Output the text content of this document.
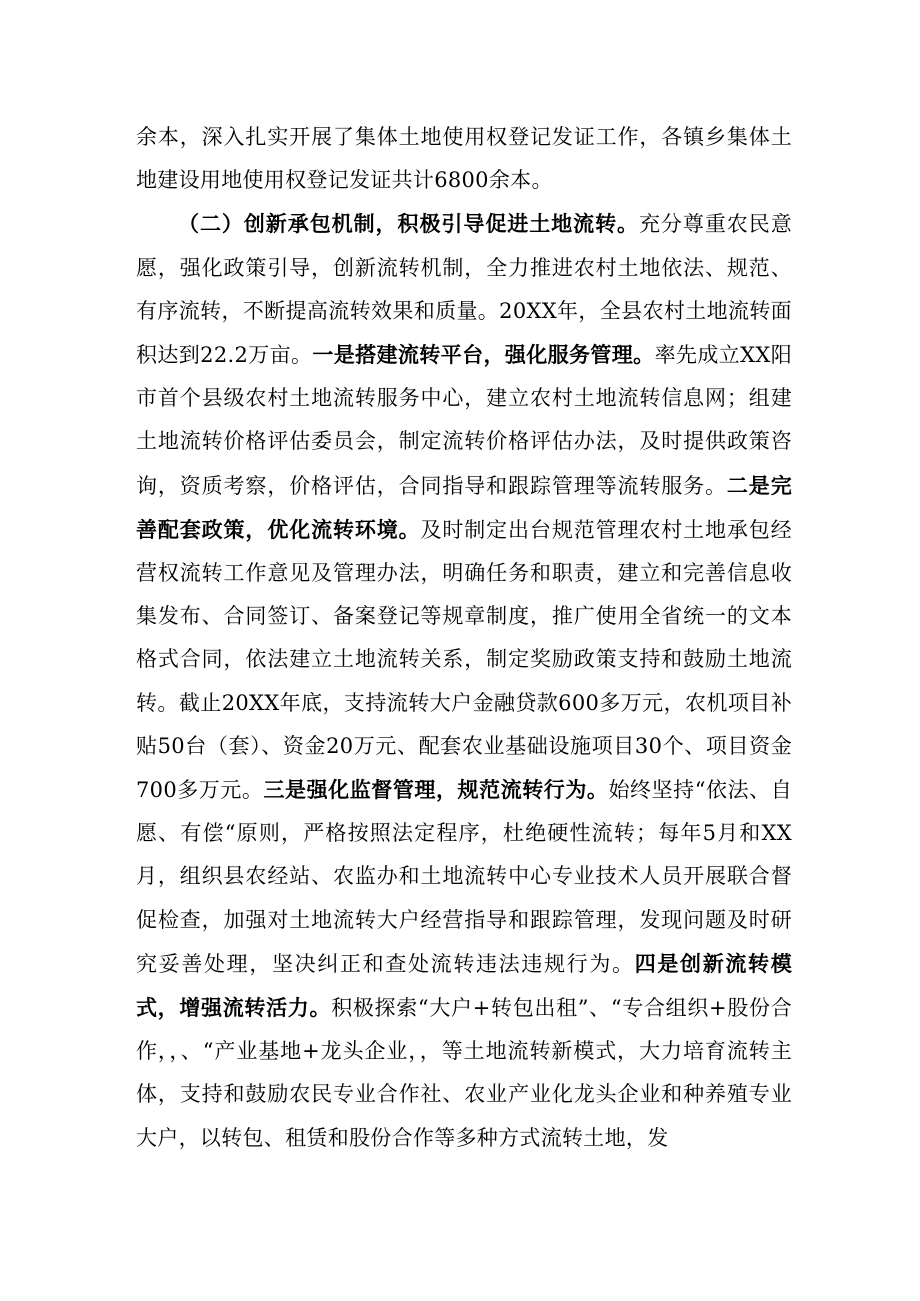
余本，深入扎实开展了集体土地使用权登记发证工作，各镇乡集体土地建设用地使用权登记发证共计6800余本。

（二）创新承包机制，积极引导促进土地流转。充分尊重农民意愿，强化政策引导，创新流转机制，全力推进农村土地依法、规范、有序流转，不断提高流转效果和质量。20XX年，全县农村土地流转面积达到22.2万亩。一是搭建流转平台，强化服务管理。率先成立XX阳市首个县级农村土地流转服务中心，建立农村土地流转信息网；组建土地流转价格评估委员会，制定流转价格评估办法，及时提供政策咨询，资质考察，价格评估，合同指导和跟踪管理等流转服务。二是完善配套政策，优化流转环境。及时制定出台规范管理农村土地承包经营权流转工作意见及管理办法，明确任务和职责，建立和完善信息收集发布、合同签订、备案登记等规章制度，推广使用全省统一的文本格式合同，依法建立土地流转关系，制定奖励政策支持和鼓励土地流转。截止20XX年底，支持流转大户金融贷款600多万元，农机项目补贴50台（套）、资金20万元、配套农业基础设施项目30个、项目资金700多万元。三是强化监督管理，规范流转行为。始终坚持“依法、自愿、有偿“原则，严格按照法定程序，杜绝硬性流转；每年5月和XX月，组织县农经站、农监办和土地流转中心专业技术人员开展联合督促检查，加强对土地流转大户经营指导和跟踪管理，发现问题及时研究妥善处理，坚决纠正和查处流转违法违规行为。四是创新流转模式，增强流转活力。积极探索“大户+转包出租”、“专合组织+股份合作，，、“产业基地+龙头企业，，等土地流转新模式，大力培育流转主体，支持和鼓励农民专业合作社、农业产业化龙头企业和种养殖专业大户，以转包、租赁和股份合作等多种方式流转土地，发
